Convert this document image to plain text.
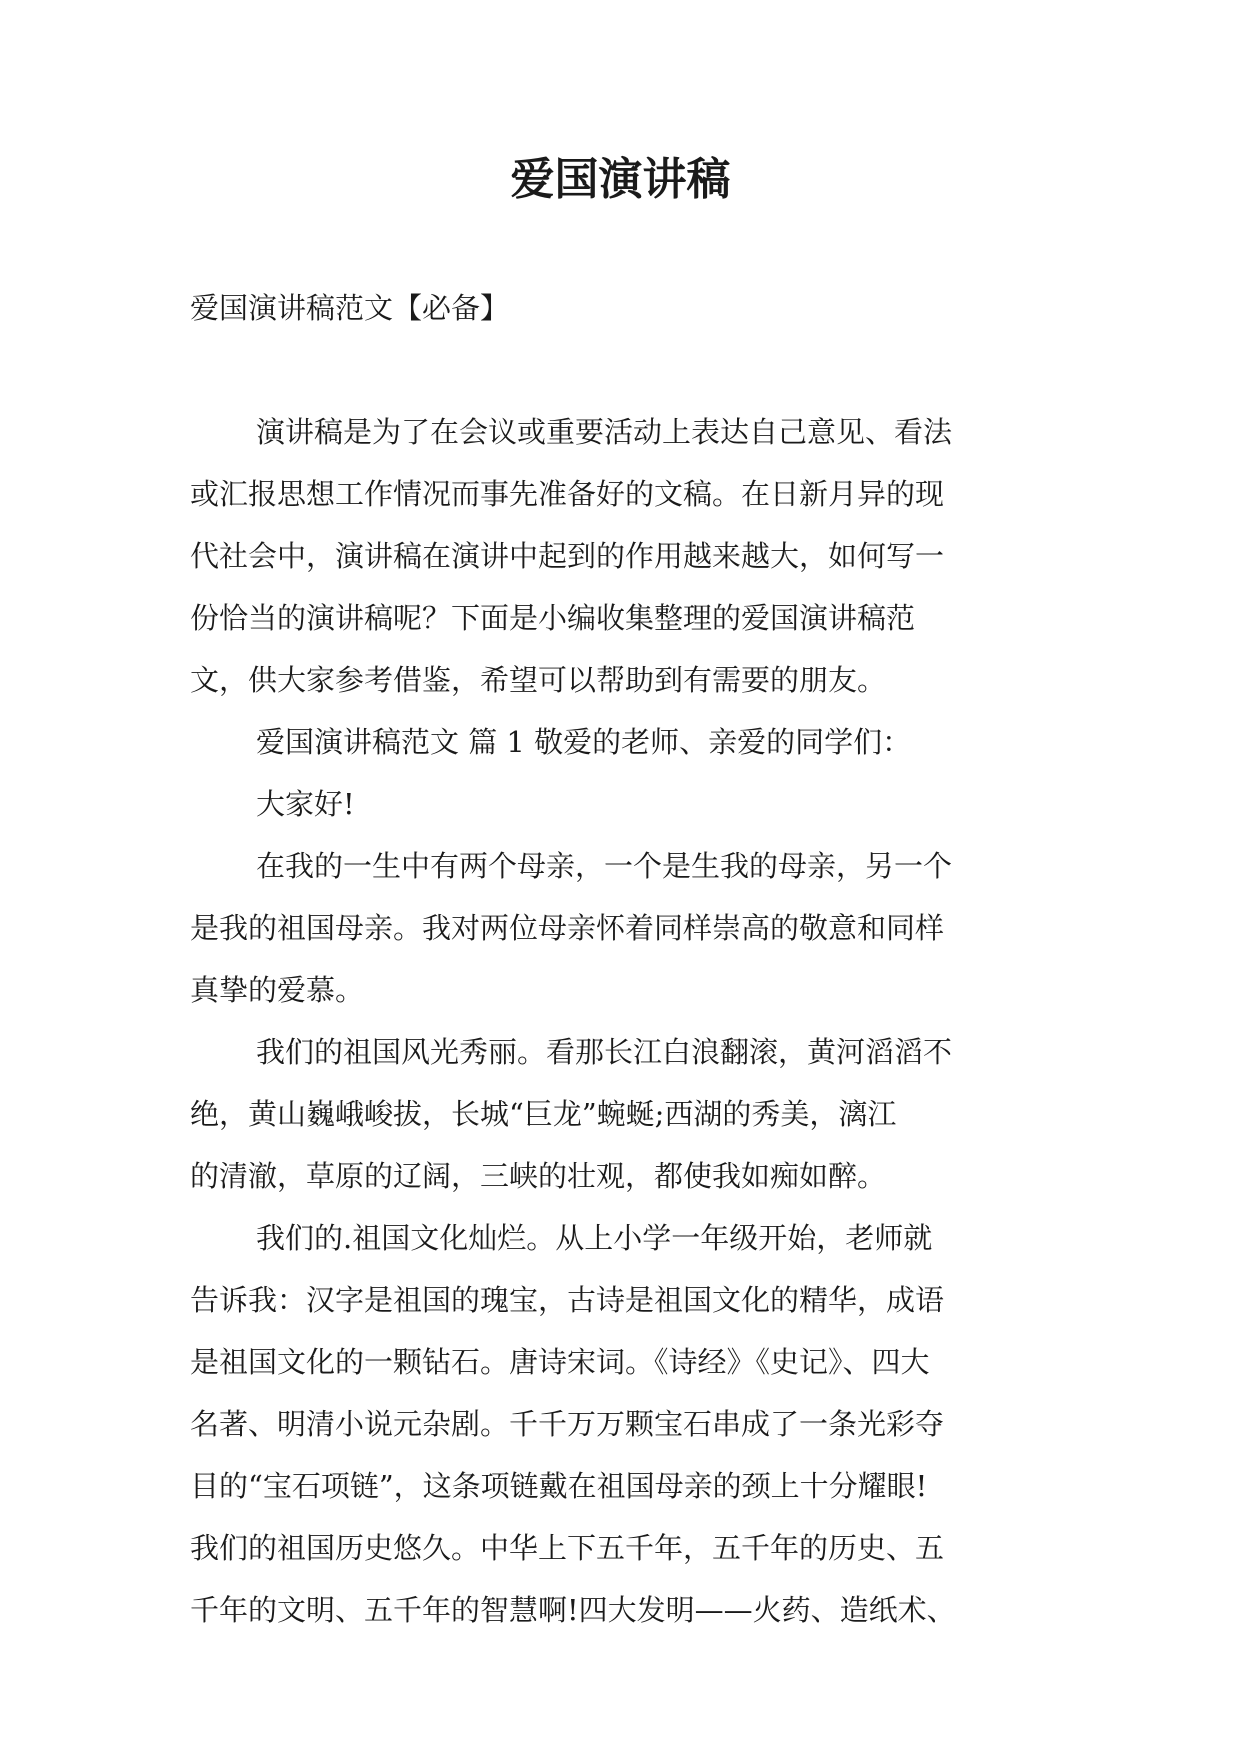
爱国演讲稿

爱国演讲稿范文【必备】

演讲稿是为了在会议或重要活动上表达自己意见、看法

或汇报思想工作情况而事先准备好的文稿。在日新月异的现

代社会中，演讲稿在演讲中起到的作用越来越大，如何写一

份恰当的演讲稿呢？下面是小编收集整理的爱国演讲稿范

文，供大家参考借鉴，希望可以帮助到有需要的朋友。

爱国演讲稿范文 篇 1 敬爱的老师、亲爱的同学们：

大家好!

在我的一生中有两个母亲，一个是生我的母亲，另一个

是我的祖国母亲。我对两位母亲怀着同样崇高的敬意和同样

真挚的爱慕。

我们的祖国风光秀丽。看那长江白浪翻滚，黄河滔滔不

绝，黄山巍峨峻拔，长城“巨龙”蜿蜒;西湖的秀美，漓江

的清澈，草原的辽阔，三峡的壮观，都使我如痴如醉。

我们的.祖国文化灿烂。从上小学一年级开始，老师就

告诉我：汉字是祖国的瑰宝，古诗是祖国文化的精华，成语

是祖国文化的一颗钻石。唐诗宋词。《诗经》《史记》、四大

名著、明清小说元杂剧。千千万万颗宝石串成了一条光彩夺

目的“宝石项链”，这条项链戴在祖国母亲的颈上十分耀眼!

我们的祖国历史悠久。中华上下五千年，五千年的历史、五

千年的文明、五千年的智慧啊!四大发明——火药、造纸术、
